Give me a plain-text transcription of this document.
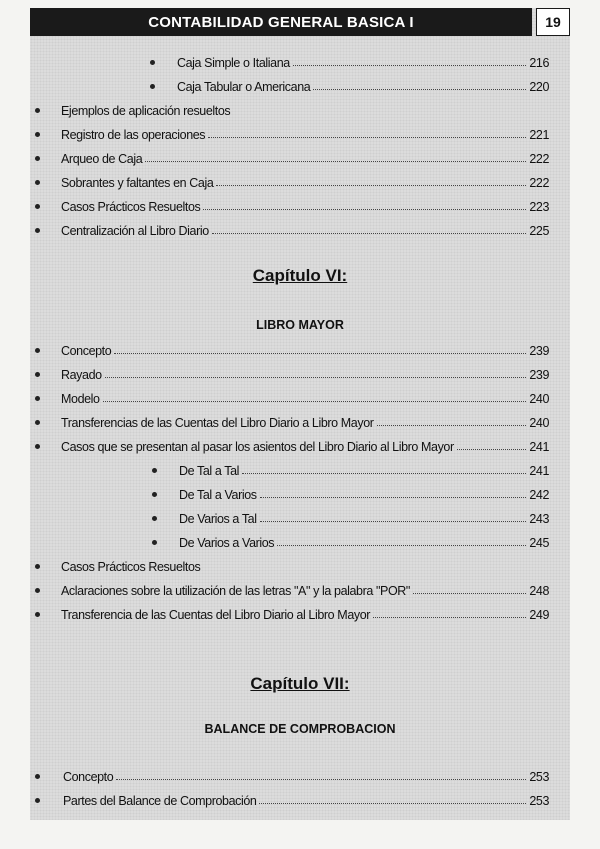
CONTABILIDAD GENERAL BASICA I	19
Caja Simple o Italiana	216
Caja Tabular o Americana	220
Ejemplos de aplicación resueltos
Registro de las operaciones	221
Arqueo de Caja	222
Sobrantes y faltantes en Caja	222
Casos Prácticos Resueltos	223
Centralización al Libro Diario	225
Capítulo VI:
LIBRO MAYOR
Concepto	239
Rayado	239
Modelo	240
Transferencias de las Cuentas del Libro Diario a Libro Mayor	240
Casos que se presentan al pasar los asientos del Libro Diario al Libro Mayor	241
De Tal a Tal	241
De Tal a Varios	242
De Varios a Tal	243
De Varios a Varios	245
Casos Prácticos Resueltos
Aclaraciones sobre la utilización de las letras "A" y la palabra "POR"	248
Transferencia de las Cuentas del Libro Diario al Libro Mayor	249
Capítulo VII:
BALANCE DE COMPROBACION
Concepto	253
Partes del Balance de Comprobación	253
